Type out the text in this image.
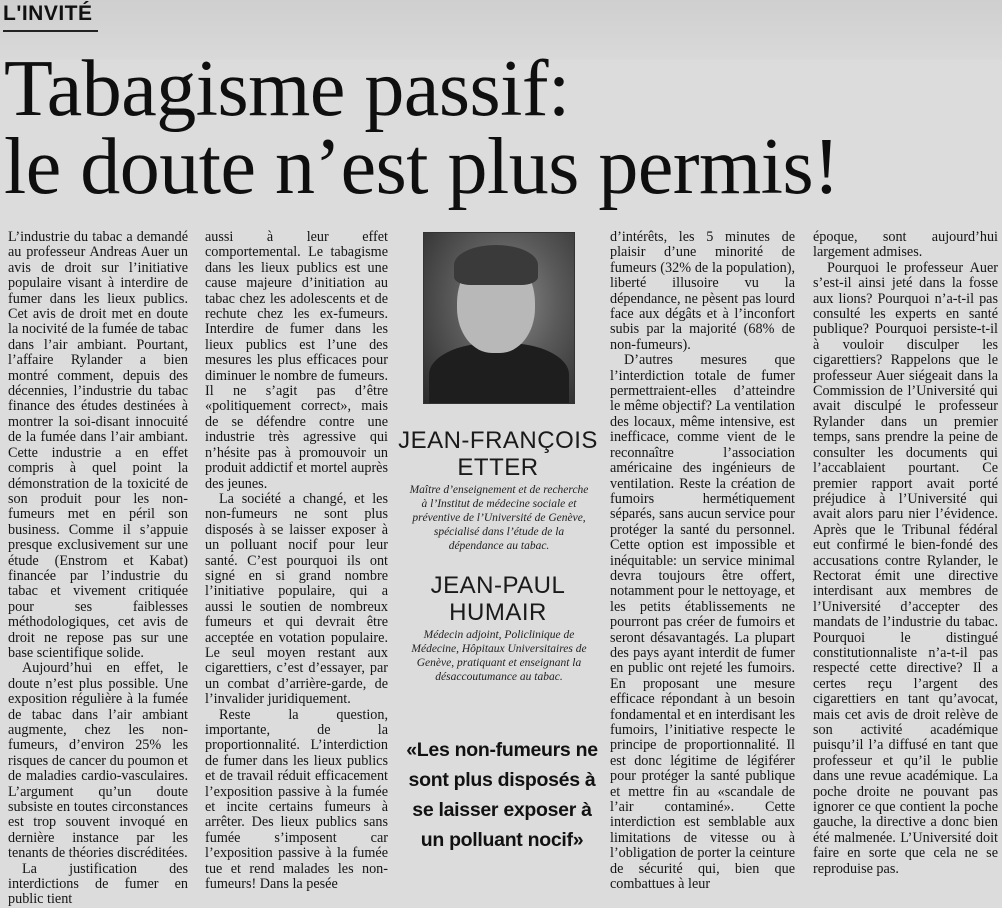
L'INVITÉ
Tabagisme passif:
le doute n’est plus permis!

L’industrie du tabac a demandé au professeur Andreas Auer un avis de droit sur l’initiative populaire visant à interdire de fumer dans les lieux publics. Cet avis de droit met en doute la nocivité de la fumée de tabac dans l’air ambiant. Pourtant, l’affaire Rylander a bien montré comment, depuis des décennies, l’industrie du tabac finance des études destinées à montrer la soi-disant innocuité de la fumée dans l’air ambiant. Cette industrie a en effet compris à quel point la démonstration de la toxicité de son produit pour les non-fumeurs met en péril son business. Comme il s’appuie presque exclusivement sur une étude (Enstrom et Kabat) financée par l’industrie du tabac et vivement critiquée pour ses faiblesses méthodologiques, cet avis de droit ne repose pas sur une base scientifique solide.

Aujourd’hui en effet, le doute n’est plus possible. Une exposition régulière à la fumée de tabac dans l’air ambiant augmente, chez les non-fumeurs, d’environ 25% les risques de cancer du poumon et de maladies cardio-vasculaires. L’argument qu’un doute subsiste en toutes circonstances est trop souvent invoqué en dernière instance par les tenants de théories discréditées.

La justification des interdictions de fumer en public tient

aussi à leur effet comportemental. Le tabagisme dans les lieux publics est une cause majeure d’initiation au tabac chez les adolescents et de rechute chez les ex-fumeurs. Interdire de fumer dans les lieux publics est l’une des mesures les plus efficaces pour diminuer le nombre de fumeurs. Il ne s’agit pas d’être «politiquement correct», mais de se défendre contre une industrie très agressive qui n’hésite pas à promouvoir un produit addictif et mortel auprès des jeunes.

La société a changé, et les non-fumeurs ne sont plus disposés à se laisser exposer à un polluant nocif pour leur santé. C’est pourquoi ils ont signé en si grand nombre l’initiative populaire, qui a aussi le soutien de nombreux fumeurs et qui devrait être acceptée en votation populaire. Le seul moyen restant aux cigarettiers, c’est d’essayer, par un combat d’arrière-garde, de l’invalider juridiquement.

Reste la question, importante, de la proportionnalité. L’interdiction de fumer dans les lieux publics et de travail réduit efficacement l’exposition passive à la fumée et incite certains fumeurs à arrêter. Des lieux publics sans fumée s’imposent car l’exposition passive à la fumée tue et rend malades les non-fumeurs! Dans la pesée

JEAN-FRANÇOIS ETTER
Maître d’enseignement et de recherche à l’Institut de médecine sociale et préventive de l’Université de Genève, spécialisé dans l’étude de la dépendance au tabac.
JEAN-PAUL HUMAIR
Médecin adjoint, Policlinique de Médecine, Hôpitaux Universitaires de Genève, pratiquant et enseignant la désaccoutumance au tabac.
«Les non-fumeurs ne sont plus disposés à se laisser exposer à un polluant nocif»

d’intérêts, les 5 minutes de plaisir d’une minorité de fumeurs (32% de la population), liberté illusoire vu la dépendance, ne pèsent pas lourd face aux dégâts et à l’inconfort subis par la majorité (68% de non-fumeurs).

D’autres mesures que l’interdiction totale de fumer permettraient-elles d’atteindre le même objectif? La ventilation des locaux, même intensive, est inefficace, comme vient de le reconnaître l’association américaine des ingénieurs de ventilation. Reste la création de fumoirs hermétiquement séparés, sans aucun service pour protéger la santé du personnel. Cette option est impossible et inéquitable: un service minimal devra toujours être offert, notamment pour le nettoyage, et les petits établissements ne pourront pas créer de fumoirs et seront désavantagés. La plupart des pays ayant interdit de fumer en public ont rejeté les fumoirs. En proposant une mesure efficace répondant à un besoin fondamental et en interdisant les fumoirs, l’initiative respecte le principe de proportionnalité. Il est donc légitime de légiférer pour protéger la santé publique et mettre fin au «scandale de l’air contaminé». Cette interdiction est semblable aux limitations de vitesse ou à l’obligation de porter la ceinture de sécurité qui, bien que combattues à leur

époque, sont aujourd’hui largement admises.

Pourquoi le professeur Auer s’est-il ainsi jeté dans la fosse aux lions? Pourquoi n’a-t-il pas consulté les experts en santé publique? Pourquoi persiste-t-il à vouloir disculper les cigarettiers? Rappelons que le professeur Auer siégeait dans la Commission de l’Université qui avait disculpé le professeur Rylander dans un premier temps, sans prendre la peine de consulter les documents qui l’accablaient pourtant. Ce premier rapport avait porté préjudice à l’Université qui avait alors paru nier l’évidence. Après que le Tribunal fédéral eut confirmé le bien-fondé des accusations contre Rylander, le Rectorat émit une directive interdisant aux membres de l’Université d’accepter des mandats de l’industrie du tabac. Pourquoi le distingué constitutionnaliste n’a-t-il pas respecté cette directive? Il a certes reçu l’argent des cigarettiers en tant qu’avocat, mais cet avis de droit relève de son activité académique puisqu’il l’a diffusé en tant que professeur et qu’il le publie dans une revue académique. La poche droite ne pouvant pas ignorer ce que contient la poche gauche, la directive a donc bien été malmenée. L’Université doit faire en sorte que cela ne se reproduise pas.
